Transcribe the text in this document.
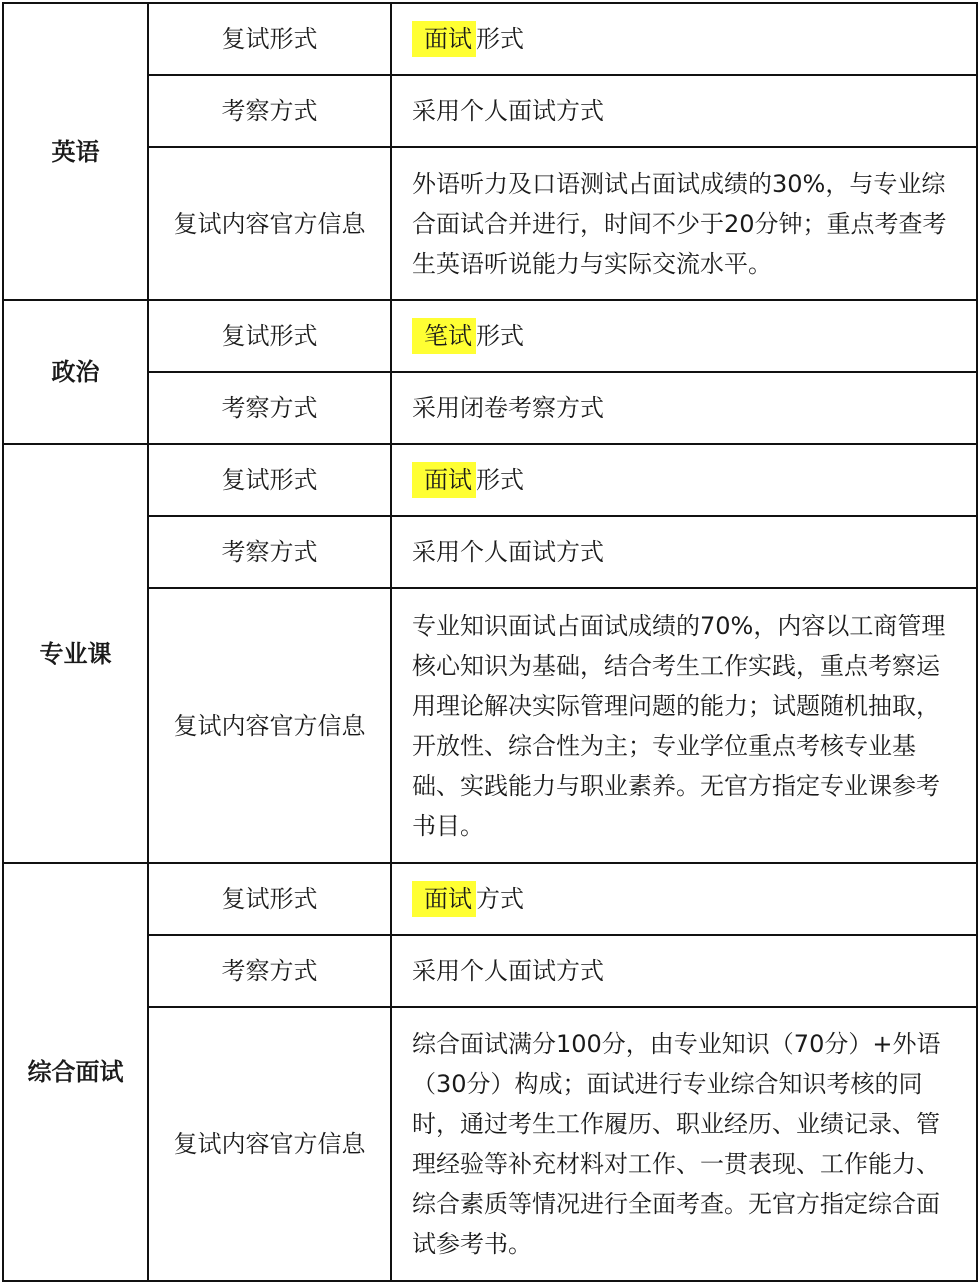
英语	复试形式	面试 形式
	考察方式	采用个人面试方式
	复试内容官方信息	外语听力及口语测试占面试成绩的30%，与专业综合面试合并进行，时间不少于20分钟；重点考查考生英语听说能力与实际交流水平。
政治	复试形式	笔试 形式
	考察方式	采用闭卷考察方式
专业课	复试形式	面试 形式
	考察方式	采用个人面试方式
	复试内容官方信息	专业知识面试占面试成绩的70%，内容以工商管理核心知识为基础，结合考生工作实践，重点考察运用理论解决实际管理问题的能力；试题随机抽取，开放性、综合性为主；专业学位重点考核专业基础、实践能力与职业素养。无官方指定专业课参考书目。
综合面试	复试形式	面试 方式
	考察方式	采用个人面试方式
	复试内容官方信息	综合面试满分100分，由专业知识（70分）+外语（30分）构成；面试进行专业综合知识考核的同时，通过考生工作履历、职业经历、业绩记录、管理经验等补充材料对工作、一贯表现、工作能力、综合素质等情况进行全面考查。无官方指定综合面试参考书。
